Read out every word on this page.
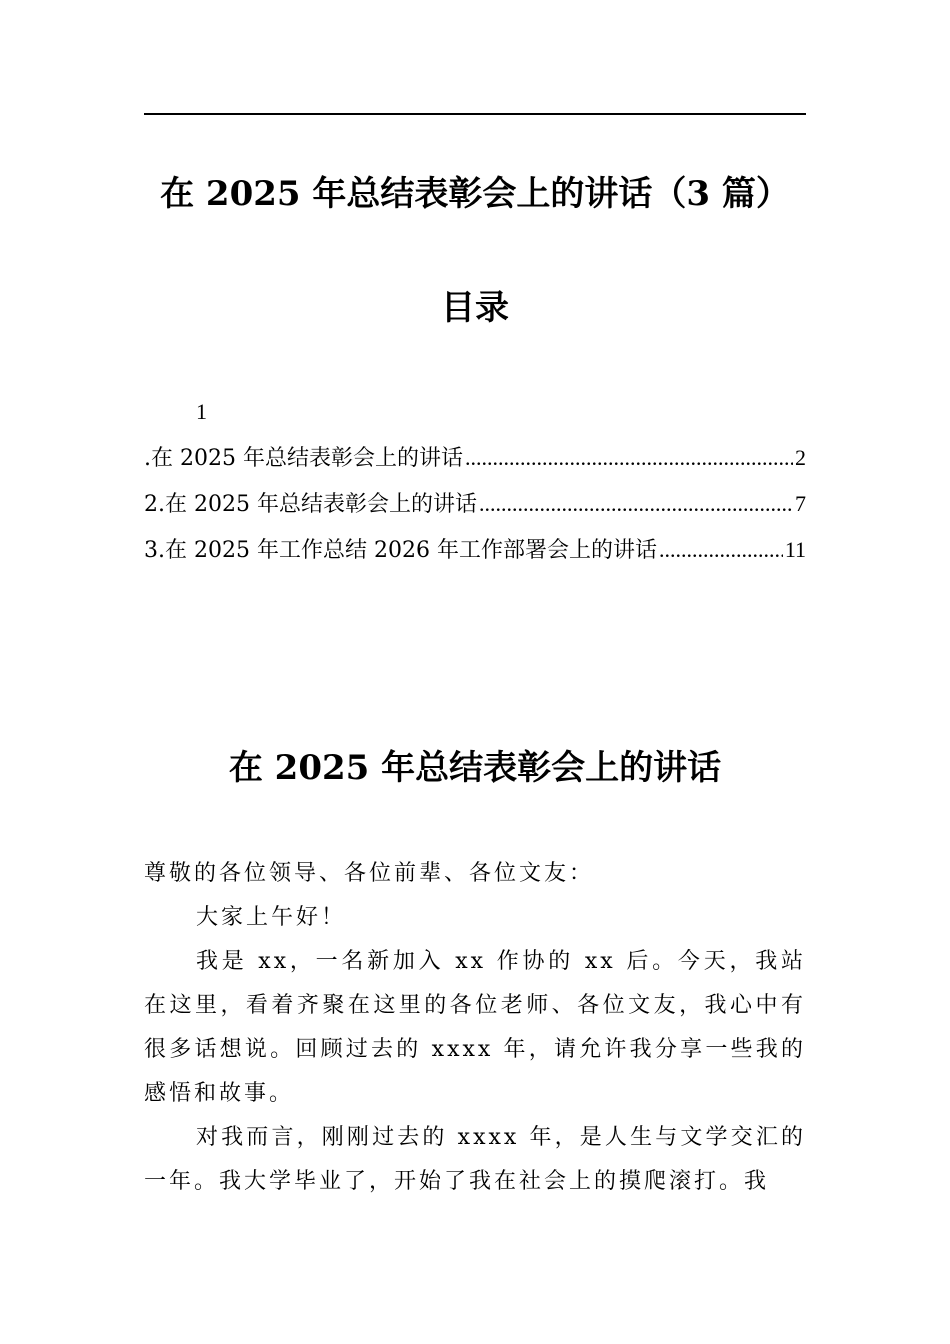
在 2025 年总结表彰会上的讲话（3 篇）
目录
1
.在 2025 年总结表彰会上的讲话 .....	2
2.在 2025 年总结表彰会上的讲话 .....	7
3.在 2025 年工作总结 2026 年工作部署会上的讲话 .....	11
在 2025 年总结表彰会上的讲话

尊敬的各位领导、各位前辈、各位文友：

大家上午好！

我是 xx，一名新加入 xx 作协的 xx 后。今天，我站在这里，看着齐聚在这里的各位老师、各位文友，我心中有很多话想说。回顾过去的 xxxx 年，请允许我分享一些我的感悟和故事。

对我而言，刚刚过去的 xxxx 年，是人生与文学交汇的一年。我大学毕业了，开始了我在社会上的摸爬滚打。我
